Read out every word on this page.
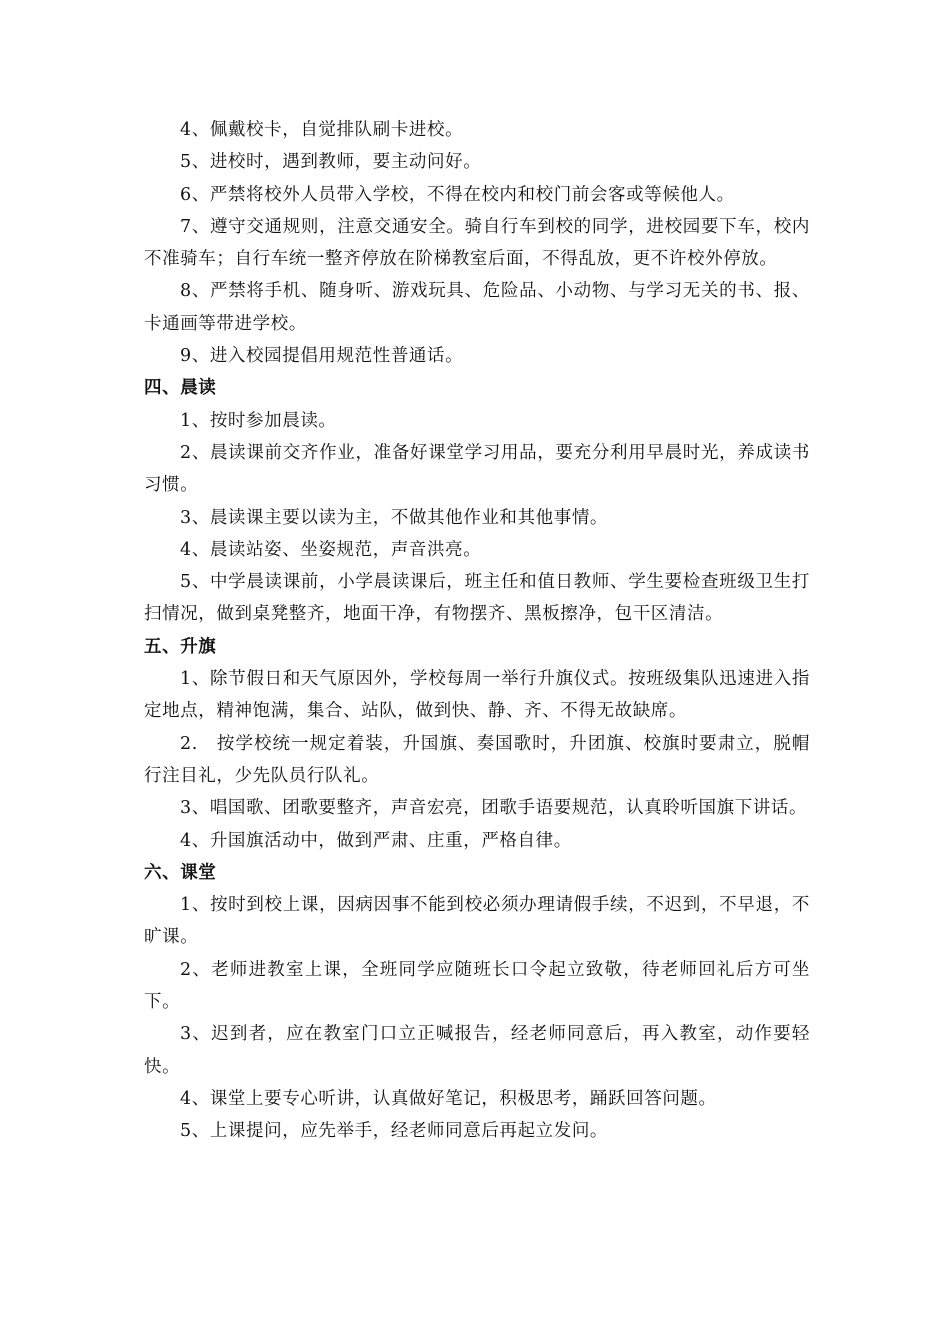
4、佩戴校卡，自觉排队刷卡进校。

5、进校时，遇到教师，要主动问好。

6、严禁将校外人员带入学校，不得在校内和校门前会客或等候他人。

7、遵守交通规则，注意交通安全。骑自行车到校的同学，进校园要下车，校内不准骑车；自行车统一整齐停放在阶梯教室后面，不得乱放，更不许校外停放。

8、严禁将手机、随身听、游戏玩具、危险品、小动物、与学习无关的书、报、卡通画等带进学校。

9、进入校园提倡用规范性普通话。

四、晨读

1、按时参加晨读。

2、晨读课前交齐作业，准备好课堂学习用品，要充分利用早晨时光，养成读书习惯。

3、晨读课主要以读为主，不做其他作业和其他事情。

4、晨读站姿、坐姿规范，声音洪亮。

5、中学晨读课前，小学晨读课后，班主任和值日教师、学生要检查班级卫生打扫情况，做到桌凳整齐，地面干净，有物摆齐、黑板擦净，包干区清洁。

五、升旗

1、除节假日和天气原因外，学校每周一举行升旗仪式。按班级集队迅速进入指定地点，精神饱满，集合、站队，做到快、静、齐、不得无故缺席。

2.　按学校统一规定着装，升国旗、奏国歌时，升团旗、校旗时要肃立，脱帽行注目礼，少先队员行队礼。

3、唱国歌、团歌要整齐，声音宏亮，团歌手语要规范，认真聆听国旗下讲话。

4、升国旗活动中，做到严肃、庄重，严格自律。

六、课堂

1、按时到校上课，因病因事不能到校必须办理请假手续，不迟到，不早退，不旷课。

2、老师进教室上课，全班同学应随班长口令起立致敬，待老师回礼后方可坐下。

3、迟到者，应在教室门口立正喊报告，经老师同意后，再入教室，动作要轻快。

4、课堂上要专心听讲，认真做好笔记，积极思考，踊跃回答问题。

5、上课提问，应先举手，经老师同意后再起立发问。
